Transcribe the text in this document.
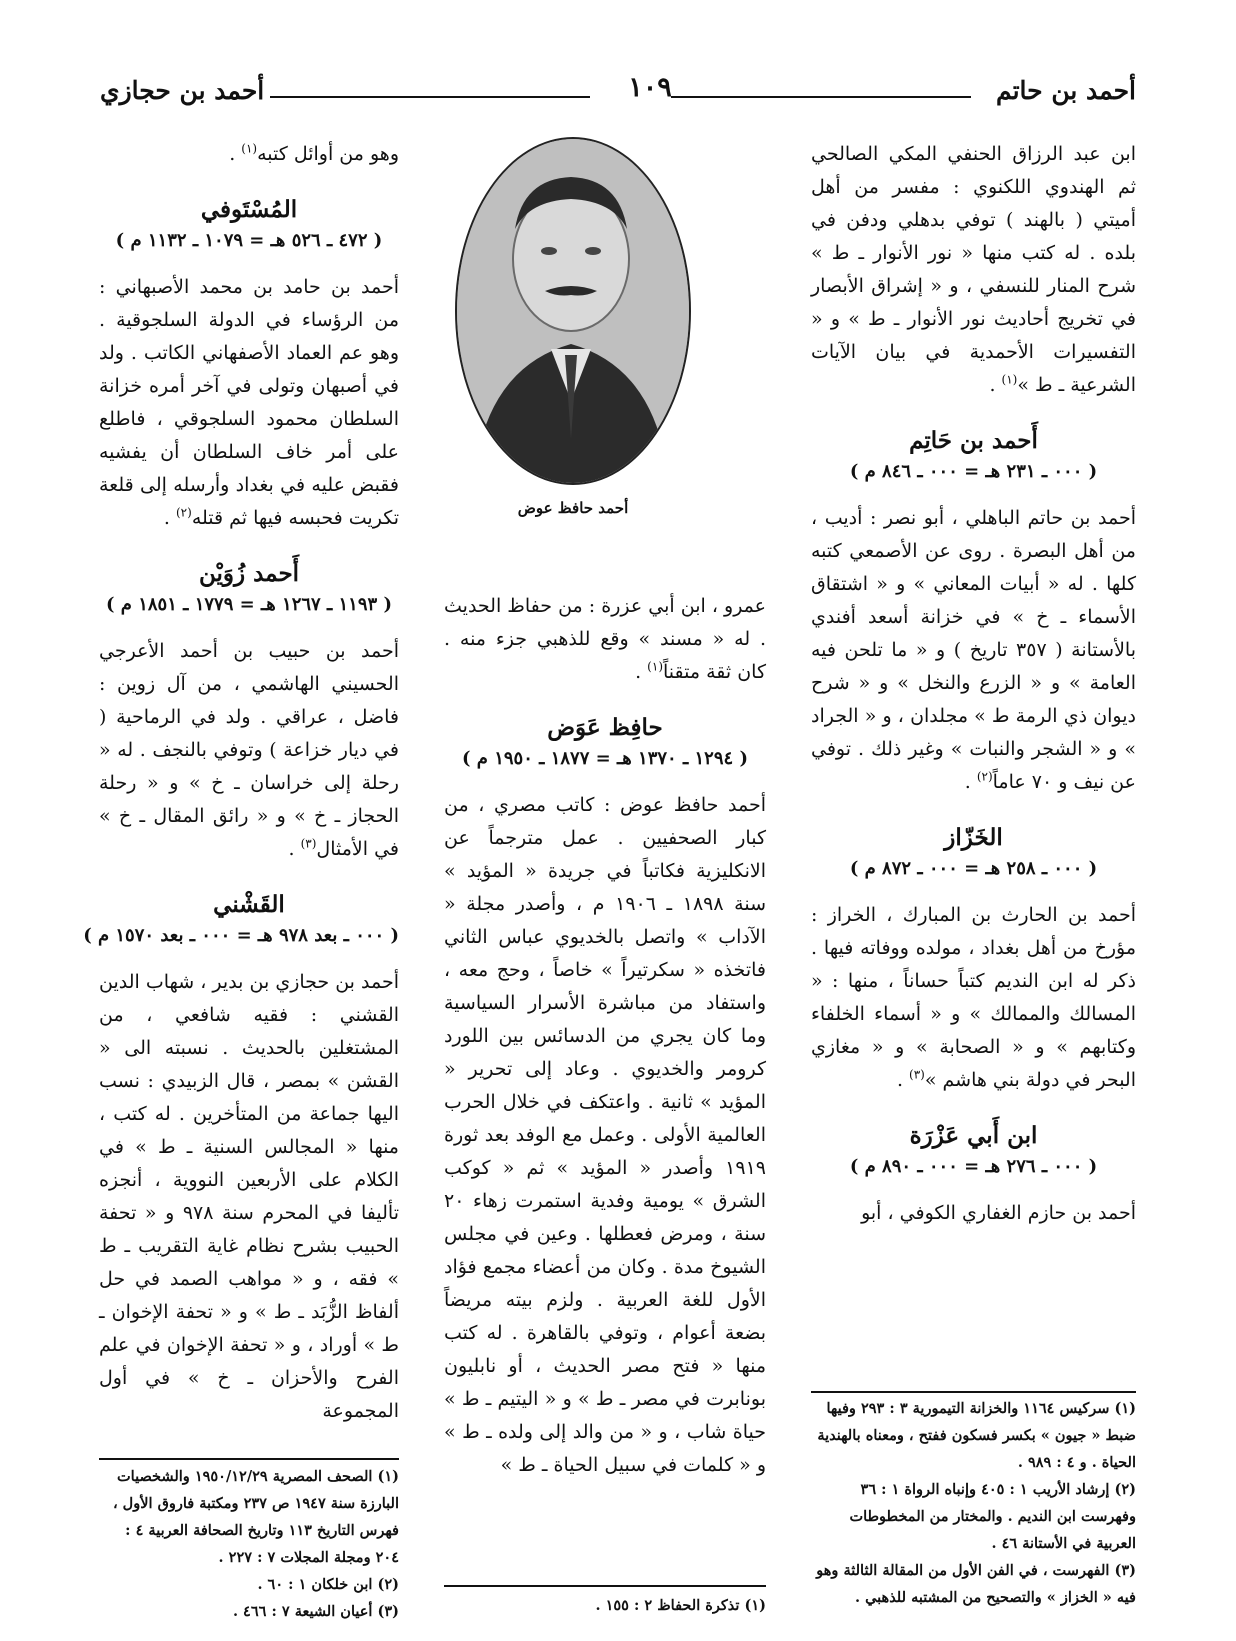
أحمد بن حاتم
١٠٩
أحمد بن حجازي

ابن عبد الرزاق الحنفي المكي الصالحي ثم الهندوي اللكنوي : مفسر من أهل أميتي ( بالهند ) توفي بدهلي ودفن في بلده . له كتب منها « نور الأنوار ـ ط » شرح المنار للنسفي ، و « إشراق الأبصار في تخريج أحاديث نور الأنوار ـ ط » و « التفسيرات الأحمدية في بيان الآيات الشرعية ـ ط »$^{(١)}$ .

أَحمد بن حَاتِم
( ٠٠٠ ـ ٢٣١ هـ = ٠٠٠ ـ ٨٤٦ م )

أحمد بن حاتم الباهلي ، أبو نصر : أديب ، من أهل البصرة . روى عن الأصمعي كتبه كلها . له « أبيات المعاني » و « اشتقاق الأسماء ـ خ » في خزانة أسعد أفندي بالأستانة ( ٣٥٧ تاريخ ) و « ما تلحن فيه العامة » و « الزرع والنخل » و « شرح ديوان ذي الرمة ط » مجلدان ، و « الجراد » و « الشجر والنبات » وغير ذلك . توفي عن نيف و ٧٠ عاماً$^{(٢)}$ .

الخَزّاز
( ٠٠٠ ـ ٢٥٨ هـ = ٠٠٠ ـ ٨٧٢ م )

أحمد بن الحارث بن المبارك ، الخراز : مؤرخ من أهل بغداد ، مولده ووفاته فيها . ذكر له ابن النديم كتباً حساناً ، منها : « المسالك والممالك » و « أسماء الخلفاء وكتابهم » و « الصحابة » و « مغازي البحر في دولة بني هاشم »$^{(٣)}$ .

ابن أَبي عَزْرَة
( ٠٠٠ ـ ٢٧٦ هـ = ٠٠٠ ـ ٨٩٠ م )

أحمد بن حازم الغفاري الكوفي ، أبو

أحمد حافظ عوض

عمرو ، ابن أبي عزرة : من حفاظ الحديث . له « مسند » وقع للذهبي جزء منه . كان ثقة متقناً$^{(١)}$ .

حافِظ عَوَض
( ١٢٩٤ ـ ١٣٧٠ هـ = ١٨٧٧ ـ ١٩٥٠ م )

أحمد حافظ عوض : كاتب مصري ، من كبار الصحفيين . عمل مترجماً عن الانكليزية فكاتباً في جريدة « المؤيد » سنة ١٨٩٨ ـ ١٩٠٦ م ، وأصدر مجلة « الآداب » واتصل بالخديوي عباس الثاني فاتخذه « سكرتيراً » خاصاً ، وحج معه ، واستفاد من مباشرة الأسرار السياسية وما كان يجري من الدسائس بين اللورد كرومر والخديوي . وعاد إلى تحرير « المؤيد » ثانية . واعتكف في خلال الحرب العالمية الأولى . وعمل مع الوفد بعد ثورة ١٩١٩ وأصدر « المؤيد » ثم « كوكب الشرق » يومية وفدية استمرت زهاء ٢٠ سنة ، ومرض فعطلها . وعين في مجلس الشيوخ مدة . وكان من أعضاء مجمع فؤاد الأول للغة العربية . ولزم بيته مريضاً بضعة أعوام ، وتوفي بالقاهرة . له كتب منها « فتح مصر الحديث ، أو نابليون بونابرت في مصر ـ ط » و « اليتيم ـ ط » حياة شاب ، و « من والد إلى ولده ـ ط » و « كلمات في سبيل الحياة ـ ط »

وهو من أوائل كتبه$^{(١)}$ .

المُسْتَوفي
( ٤٧٢ ـ ٥٢٦ هـ = ١٠٧٩ ـ ١١٣٢ م )

أحمد بن حامد بن محمد الأصبهاني : من الرؤساء في الدولة السلجوقية . وهو عم العماد الأصفهاني الكاتب . ولد في أصبهان وتولى في آخر أمره خزانة السلطان محمود السلجوقي ، فاطلع على أمر خاف السلطان أن يفشيه فقبض عليه في بغداد وأرسله إلى قلعة تكريت فحبسه فيها ثم قتله$^{(٢)}$ .

أَحمد زُوَيْن
( ١١٩٣ ـ ١٢٦٧ هـ = ١٧٧٩ ـ ١٨٥١ م )

أحمد بن حبيب بن أحمد الأعرجي الحسيني الهاشمي ، من آل زوين : فاضل ، عراقي . ولد في الرماحية ( في ديار خزاعة ) وتوفي بالنجف . له « رحلة إلى خراسان ـ خ » و « رحلة الحجاز ـ خ » و « رائق المقال ـ خ » في الأمثال$^{(٣)}$ .

القَشْني
( ٠٠٠ ـ بعد ٩٧٨ هـ = ٠٠٠ ـ بعد ١٥٧٠ م )

أحمد بن حجازي بن بدير ، شهاب الدين القشني : فقيه شافعي ، من المشتغلين بالحديث . نسبته الى « القشن » بمصر ، قال الزبيدي : نسب اليها جماعة من المتأخرين . له كتب ، منها « المجالس السنية ـ ط » في الكلام على الأربعين النووية ، أنجزه تأليفا في المحرم سنة ٩٧٨ و « تحفة الحبيب بشرح نظام غاية التقريب ـ ط » فقه ، و « مواهب الصمد في حل ألفاظ الزُّبَد ـ ط » و « تحفة الإخوان ـ ط » أوراد ، و « تحفة الإخوان في علم الفرح والأحزان ـ خ » في أول المجموعة	(١) سركيس ١١٦٤ والخزانة التيمورية ٣ : ٢٩٣ وفيها ضبط « جيون » بكسر فسكون ففتح ، ومعناه بالهندية الحياة . و ٤ : ٩٨٩ .

(٢) إرشاد الأريب ١ : ٤٠٥ وإنباه الرواة ١ : ٣٦ وفهرست ابن النديم . والمختار من المخطوطات العربية في الأستانة ٤٦ .

(٣) الفهرست ، في الفن الأول من المقالة الثالثة وهو فيه « الخزاز » والتصحيح من المشتبه للذهبي .

(١) تذكرة الحفاظ ٢ : ١٥٥ .

(١) الصحف المصرية ١٩٥٠/١٢/٢٩ والشخصيات البارزة سنة ١٩٤٧ ص ٢٣٧ ومكتبة فاروق الأول ، فهرس التاريخ ١١٣ وتاريخ الصحافة العربية ٤ : ٢٠٤ ومجلة المجلات ٧ : ٢٢٧ .

(٢) ابن خلكان ١ : ٦٠ .

(٣) أعيان الشيعة ٧ : ٤٦٦ .
